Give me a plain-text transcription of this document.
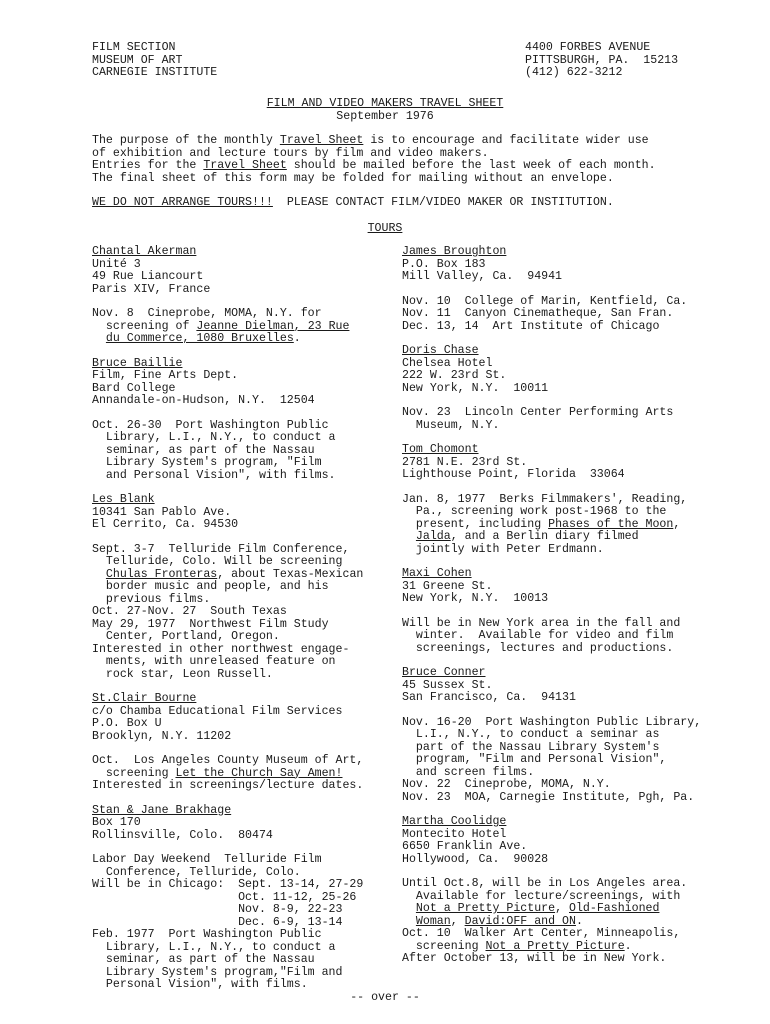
FILM SECTION

MUSEUM OF ART

CARNEGIE INSTITUTE

4400 FORBES AVENUE

PITTSBURGH, PA.  15213

(412) 622-3212

FILM AND VIDEO MAKERS TRAVEL SHEET

September 1976

The purpose of the monthly Travel Sheet is to encourage and facilitate wider use

of exhibition and lecture tours by film and video makers.

Entries for the Travel Sheet should be mailed before the last week of each month.

The final sheet of this form may be folded for mailing without an envelope.

WE DO NOT ARRANGE TOURS!!!  PLEASE CONTACT FILM/VIDEO MAKER OR INSTITUTION.

TOURS

Chantal Akerman

Unité 3

49 Rue Liancourt

Paris XIV, France

Nov. 8  Cineprobe, MOMA, N.Y. for

screening of Jeanne Dielman, 23 Rue

du Commerce, 1080 Bruxelles.

Bruce Baillie

Film, Fine Arts Dept.

Bard College

Annandale-on-Hudson, N.Y.  12504

Oct. 26-30  Port Washington Public

Library, L.I., N.Y., to conduct a

seminar, as part of the Nassau

Library System's program, "Film

and Personal Vision", with films.

Les Blank

10341 San Pablo Ave.

El Cerrito, Ca. 94530

Sept. 3-7  Telluride Film Conference,

Telluride, Colo. Will be screening

Chulas Fronteras, about Texas-Mexican

border music and people, and his

previous films.

Oct. 27-Nov. 27  South Texas

May 29, 1977  Northwest Film Study

Center, Portland, Oregon.

Interested in other northwest engage-

ments, with unreleased feature on

rock star, Leon Russell.

St.Clair Bourne

c/o Chamba Educational Film Services

P.O. Box U

Brooklyn, N.Y. 11202

Oct.  Los Angeles County Museum of Art,

screening Let the Church Say Amen!

Interested in screenings/lecture dates.

Stan & Jane Brakhage

Box 170

Rollinsville, Colo.  80474

Labor Day Weekend  Telluride Film

Conference, Telluride, Colo.

Will be in Chicago:  Sept. 13-14, 27-29

Oct. 11-12, 25-26

Nov. 8-9, 22-23

Dec. 6-9, 13-14

Feb. 1977  Port Washington Public

Library, L.I., N.Y., to conduct a

seminar, as part of the Nassau

Library System's program,"Film and

Personal Vision", with films.

James Broughton

P.O. Box 183

Mill Valley, Ca.  94941

Nov. 10  College of Marin, Kentfield, Ca.

Nov. 11  Canyon Cinematheque, San Fran.

Dec. 13, 14  Art Institute of Chicago

Doris Chase

Chelsea Hotel

222 W. 23rd St.

New York, N.Y.  10011

Nov. 23  Lincoln Center Performing Arts

Museum, N.Y.

Tom Chomont

2781 N.E. 23rd St.

Lighthouse Point, Florida  33064

Jan. 8, 1977  Berks Filmmakers', Reading,

Pa., screening work post-1968 to the

present, including Phases of the Moon,

Jalda, and a Berlin diary filmed

jointly with Peter Erdmann.

Maxi Cohen

31 Greene St.

New York, N.Y.  10013

Will be in New York area in the fall and

winter.  Available for video and film

screenings, lectures and productions.

Bruce Conner

45 Sussex St.

San Francisco, Ca.  94131

Nov. 16-20  Port Washington Public Library,

L.I., N.Y., to conduct a seminar as

part of the Nassau Library System's

program, "Film and Personal Vision",

and screen films.

Nov. 22  Cineprobe, MOMA, N.Y.

Nov. 23  MOA, Carnegie Institute, Pgh, Pa.

Martha Coolidge

Montecito Hotel

6650 Franklin Ave.

Hollywood, Ca.  90028

Until Oct.8, will be in Los Angeles area.

Available for lecture/screenings, with

Not a Pretty Picture, Old-Fashioned

Woman, David:OFF and ON.

Oct. 10  Walker Art Center, Minneapolis,

screening Not a Pretty Picture.

After October 13, will be in New York.

-- over --
